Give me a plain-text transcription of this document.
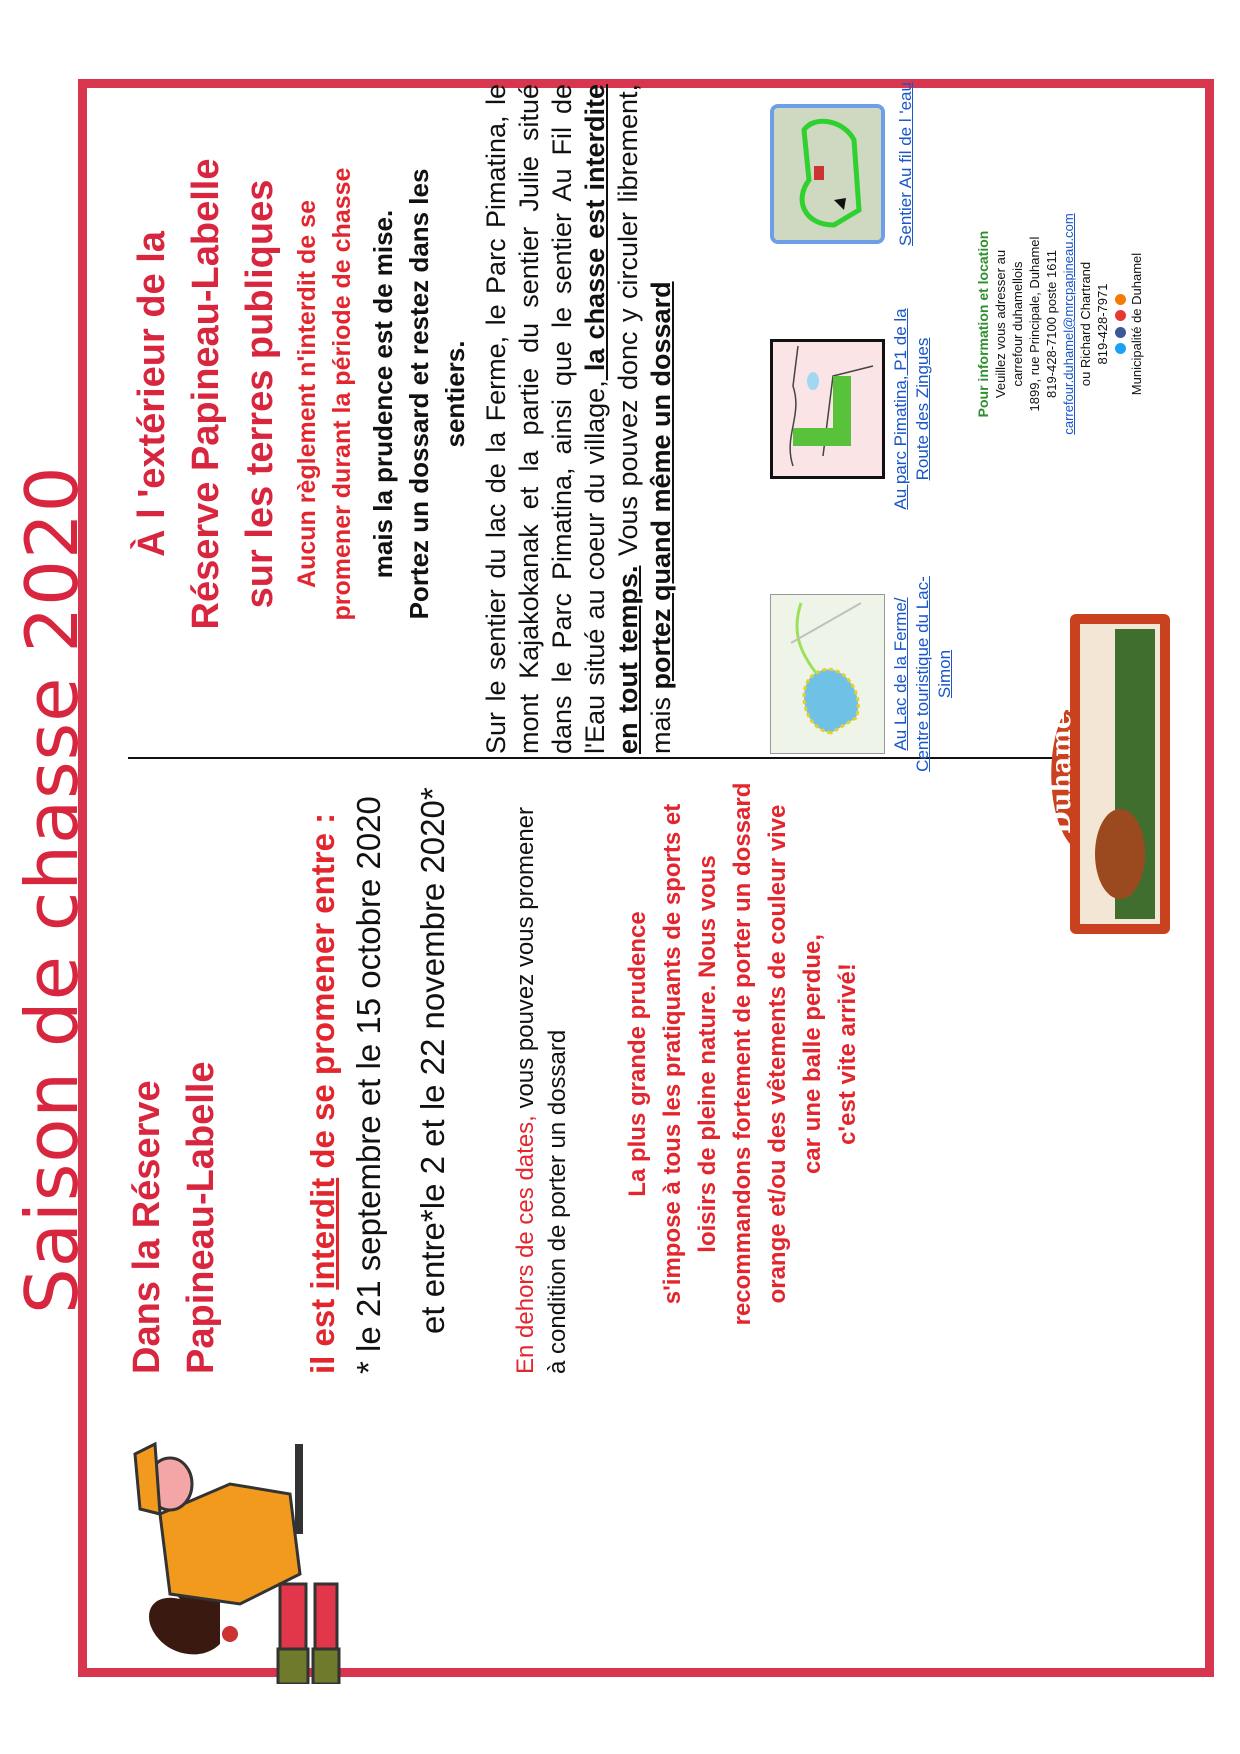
Saison de chasse 2020 Dans la Réserve Papineau-Labelle il est interdit de se promener entre : * le 21 septembre et le 15 octobre 2020 et entre*le 2 et le 22 novembre 2020*	En dehors de ces dates, vous pouvez vous promener
à condition de porter un dossard La plus grande prudence s'impose à tous les pratiquants de sports et loisirs de pleine nature. Nous vous recommandons fortement de porter un dossard orange et/ou des vêtements de couleur vive car une balle perdue, c'est vite arrivé!
À l 'extérieur de la Réserve Papineau-Labelle sur les terres publiques Aucun règlement n'interdit de se promener durant la période de chasse mais la prudence est de mise. Portez un dossard et restez dans les sentiers. Sur le sentier du lac de la Ferme, le Parc Pimatina, le mont Kajakokanak et la partie du sentier Julie situé dans le Parc Pimatina, ainsi que le sentier Au Fil de l'Eau situé au coeur du village, la chasse est interdite en tout temps. Vous pouvez donc y circuler librement, mais portez quand même un dossard	Au Lac de la Ferme/ Centre touristique du Lac-Simon
Au parc Pimatina, P1 de la Route des Zingues
Sentier Au fil de l 'eau
Duhamel
Pour information et location Veuillez vous adresser au carrefour duhamellois 1899, rue Principale, Duhamel 819-428-7100 poste 1611 carrefour.duhamel@mrcpapineau.com ou Richard Chartrand 819-428-7971
Municipalité de Duhamel
